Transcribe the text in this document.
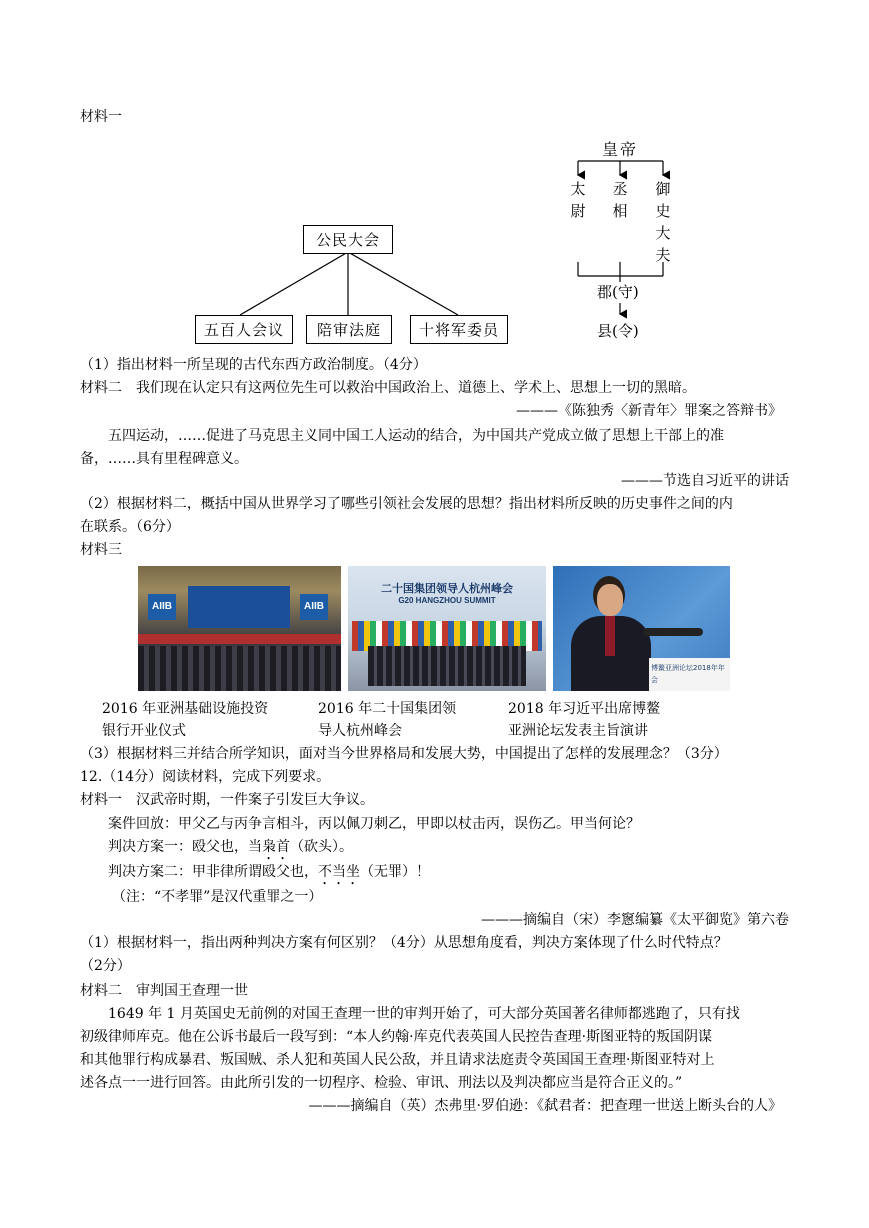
材料一
公民大会
五百人会议	陪审法庭	十将军委员
皇帝
太尉
丞相
御史大夫
郡(守)
县(令)
（1）指出材料一所呈现的古代东西方政治制度。（4分）
材料二　我们现在认定只有这两位先生可以救治中国政治上、道德上、学术上、思想上一切的黑暗。
———《陈独秀〈新青年〉罪案之答辩书》
五四运动，……促进了马克思主义同中国工人运动的结合，为中国共产党成立做了思想上干部上的准
备，……具有里程碑意义。
———节选自习近平的讲话
（2）根据材料二，概括中国从世界学习了哪些引领社会发展的思想？指出材料所反映的历史事件之间的内
在联系。（6分）
材料三
AIIB	AIIB
二十国集团领导人杭州峰会
G20 HANGZHOU SUMMIT
博鳌亚洲论坛2018年年会
2016 年亚洲基础设施投资
银行开业仪式
2016 年二十国集团领
导人杭州峰会
2018 年习近平出席博鳌
亚洲论坛发表主旨演讲
（3）根据材料三并结合所学知识，面对当今世界格局和发展大势，中国提出了怎样的发展理念？（3分）
12.（14分）阅读材料，完成下列要求。
材料一　汉武帝时期，一件案子引发巨大争议。
案件回放：甲父乙与丙争言相斗，丙以佩刀刺乙，甲即以杖击丙，误伤乙。甲当何论？
判决方案一：殴父也，当枭首（砍头）。
判决方案二：甲非律所谓殴父也，不当坐（无罪）！
（注：“不孝罪”是汉代重罪之一）
———摘编自（宋）李窻编纂《太平御览》第六卷
（1）根据材料一，指出两种判决方案有何区别？（4分）从思想角度看，判决方案体现了什么时代特点？
（2分）
材料二　审判国王查理一世
1649 年 1 月英国史无前例的对国王查理一世的审判开始了，可大部分英国著名律师都逃跑了，只有找
初级律师库克。他在公诉书最后一段写到：“本人约翰·库克代表英国人民控告查理·斯图亚特的叛国阴谋
和其他罪行构成暴君、叛国贼、杀人犯和英国人民公敌，并且请求法庭责令英国国王查理·斯图亚特对上
述各点一一进行回答。由此所引发的一切程序、检验、审讯、刑法以及判决都应当是符合正义的。”
———摘编自（英）杰弗里·罗伯逊：《弑君者：把查理一世送上断头台的人》
